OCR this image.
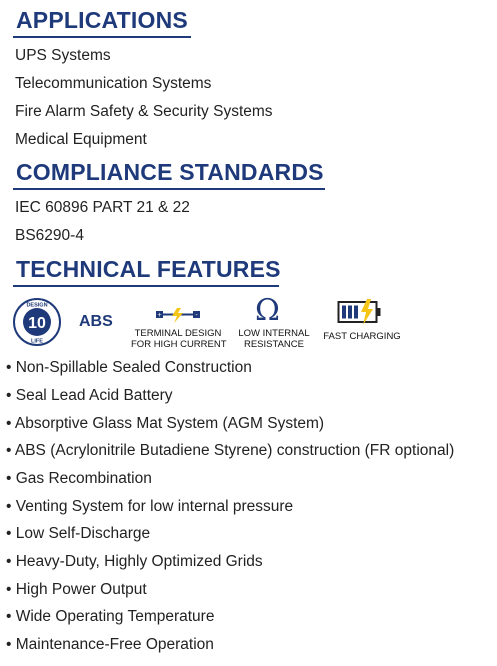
APPLICATIONS
UPS Systems
Telecommunication Systems
Fire Alarm Safety & Security Systems
Medical Equipment
COMPLIANCE STANDARDS
IEC 60896 PART 21 & 22
BS6290-4
TECHNICAL FEATURES
10
DESIGN
LIFE
ABS	+	-
TERMINAL DESIGN
FOR HIGH CURRENT
Ω
LOW INTERNAL
RESISTANCE
FAST CHARGING
• Non-Spillable Sealed Construction
• Seal Lead Acid Battery
• Absorptive Glass Mat System (AGM System)
• ABS (Acrylonitrile Butadiene Styrene) construction (FR optional)
• Gas Recombination
• Venting System for low internal pressure
• Low Self-Discharge
• Heavy-Duty, Highly Optimized Grids
• High Power Output
• Wide Operating Temperature
• Maintenance-Free Operation
